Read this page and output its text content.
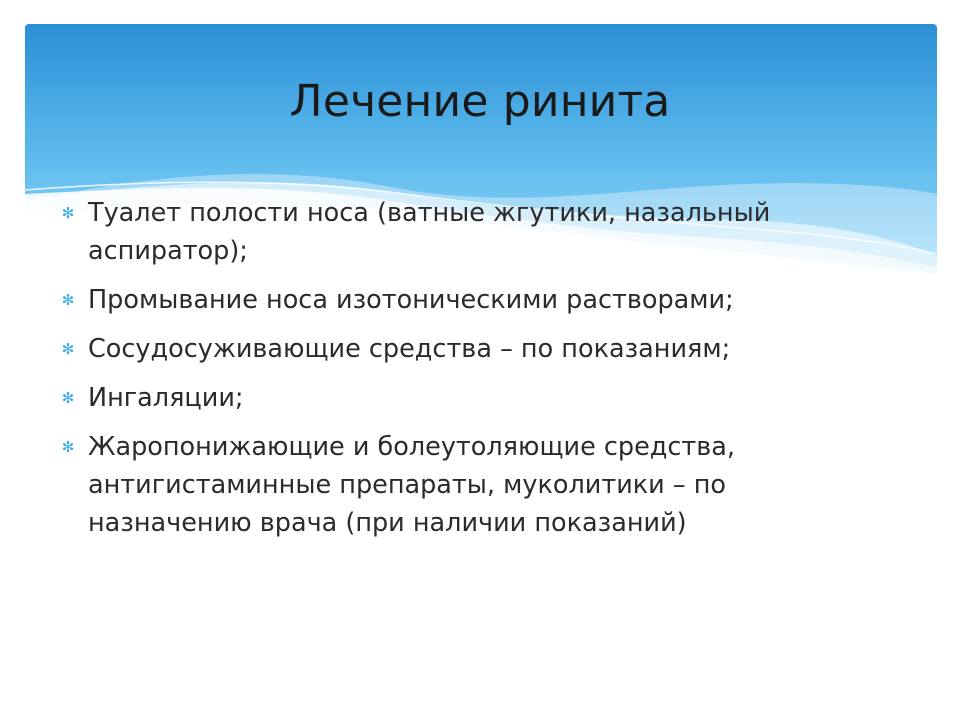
Лечение ринита
✻ Туалет полости носа (ватные жгутики, назальный аспиратор);
✻ Промывание носа изотоническими растворами;
✻ Сосудосуживающие средства – по показаниям;
✻ Ингаляции;
✻ Жаропонижающие и болеутоляющие средства, антигистаминные препараты, муколитики – по назначению врача (при наличии показаний)
